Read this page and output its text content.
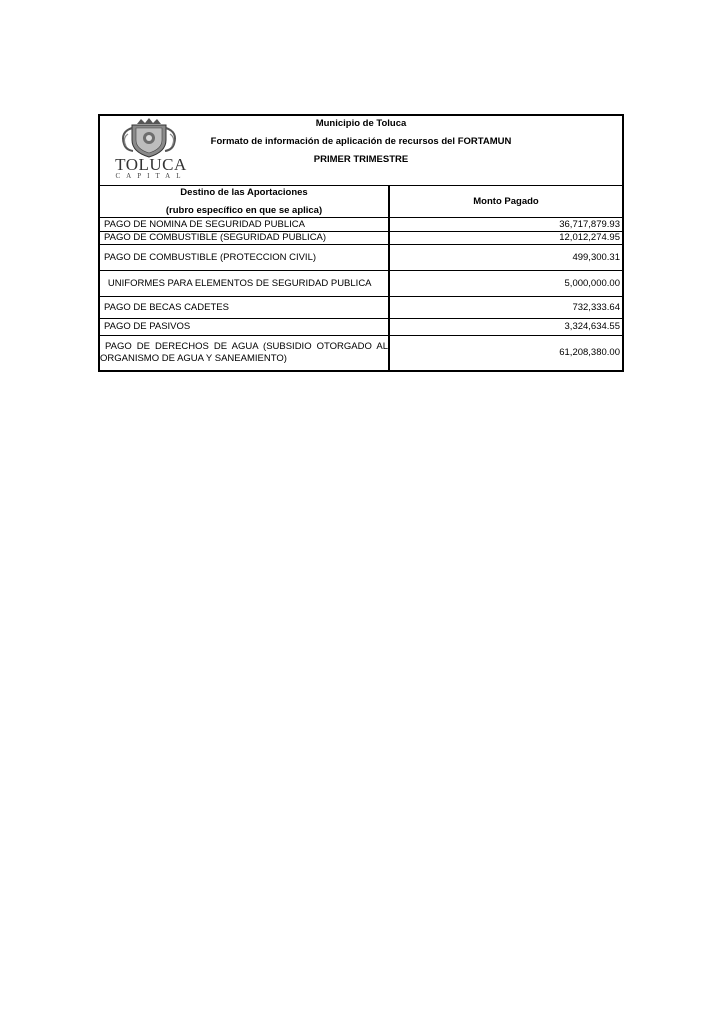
TOLUCA
CAPITAL
Municipio de Toluca
Formato de información de aplicación de recursos del FORTAMUN
PRIMER TRIMESTRE
Destino de las Aportaciones
(rubro específico en que se aplica)	Monto Pagado
PAGO DE NOMINA DE SEGURIDAD PUBLICA	36,717,879.93
PAGO DE COMBUSTIBLE (SEGURIDAD PUBLICA)	12,012,274.95
PAGO DE COMBUSTIBLE (PROTECCION CIVIL)	499,300.31
UNIFORMES PARA ELEMENTOS DE SEGURIDAD PUBLICA	5,000,000.00
PAGO DE BECAS CADETES	732,333.64
PAGO DE PASIVOS	3,324,634.55
PAGO DE DERECHOS DE AGUA (SUBSIDIO OTORGADO AL ORGANISMO DE AGUA Y SANEAMIENTO)	61,208,380.00
